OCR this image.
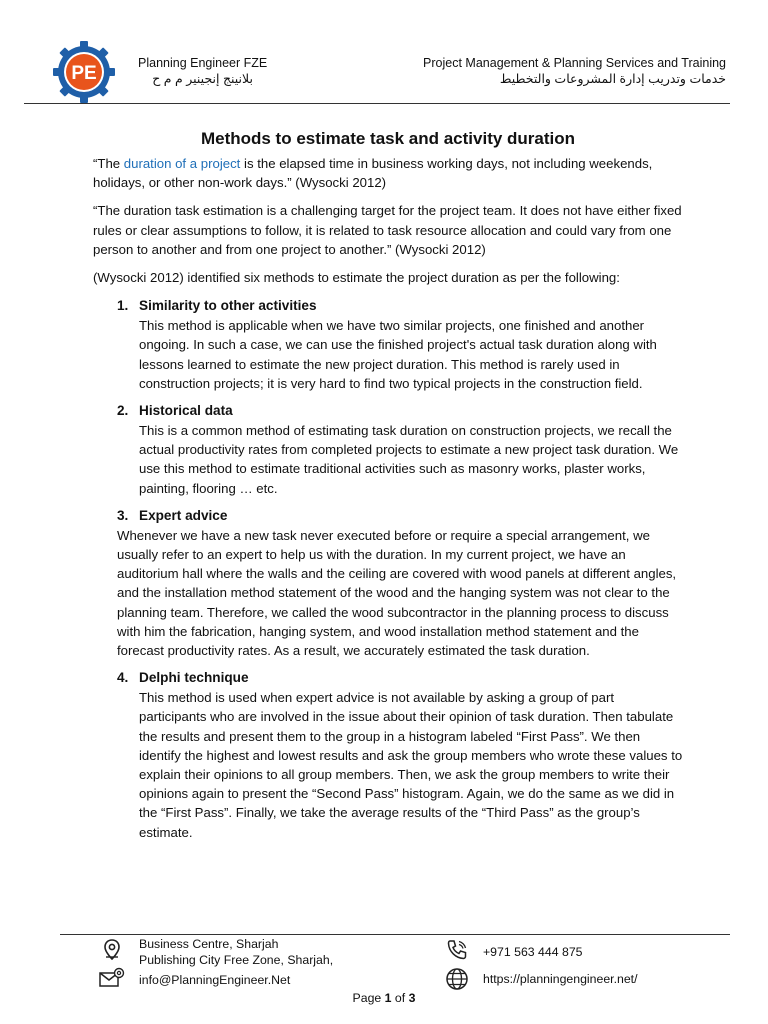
PE	Planning Engineer FZE
بلانينج إنجينير م م ح
Project Management & Planning Services and Training
خدمات وتدريب إدارة المشروعات والتخطيط
Methods to estimate task and activity duration

“The duration of a project is the elapsed time in business working days, not including weekends, holidays, or other non-work days.” (Wysocki 2012)

“The duration task estimation is a challenging target for the project team. It does not have either fixed rules or clear assumptions to follow, it is related to task resource allocation and could vary from one person to another and from one project to another.” (Wysocki 2012)

(Wysocki 2012) identified six methods to estimate the project duration as per the following:

1. Similarity to other activities
This method is applicable when we have two similar projects, one finished and another ongoing. In such a case, we can use the finished project's actual task duration along with lessons learned to estimate the new project duration. This method is rarely used in construction projects; it is very hard to find two typical projects in the construction field.
2. Historical data
This is a common method of estimating task duration on construction projects, we recall the actual productivity rates from completed projects to estimate a new project task duration. We use this method to estimate traditional activities such as masonry works, plaster works, painting, flooring … etc.
3. Expert advice
Whenever we have a new task never executed before or require a special arrangement, we usually refer to an expert to help us with the duration. In my current project, we have an auditorium hall where the walls and the ceiling are covered with wood panels at different angles, and the installation method statement of the wood and the hanging system was not clear to the planning team. Therefore, we called the wood subcontractor in the planning process to discuss with him the fabrication, hanging system, and wood installation method statement and the forecast productivity rates. As a result, we accurately estimated the task duration.
4. Delphi technique
This method is used when expert advice is not available by asking a group of part participants who are involved in the issue about their opinion of task duration. Then tabulate the results and present them to the group in a histogram labeled “First Pass”. We then identify the highest and lowest results and ask the group members who wrote these values to explain their opinions to all group members. Then, we ask the group members to write their opinions again to present the “Second Pass” histogram. Again, we do the same as we did in the “First Pass”. Finally, we take the average results of the “Third Pass” as the group’s estimate.
Business Centre, Sharjah
Publishing City Free Zone, Sharjah,
info@PlanningEngineer.Net
+971 563 444 875
https://planningengineer.net/
Page 1 of 3
